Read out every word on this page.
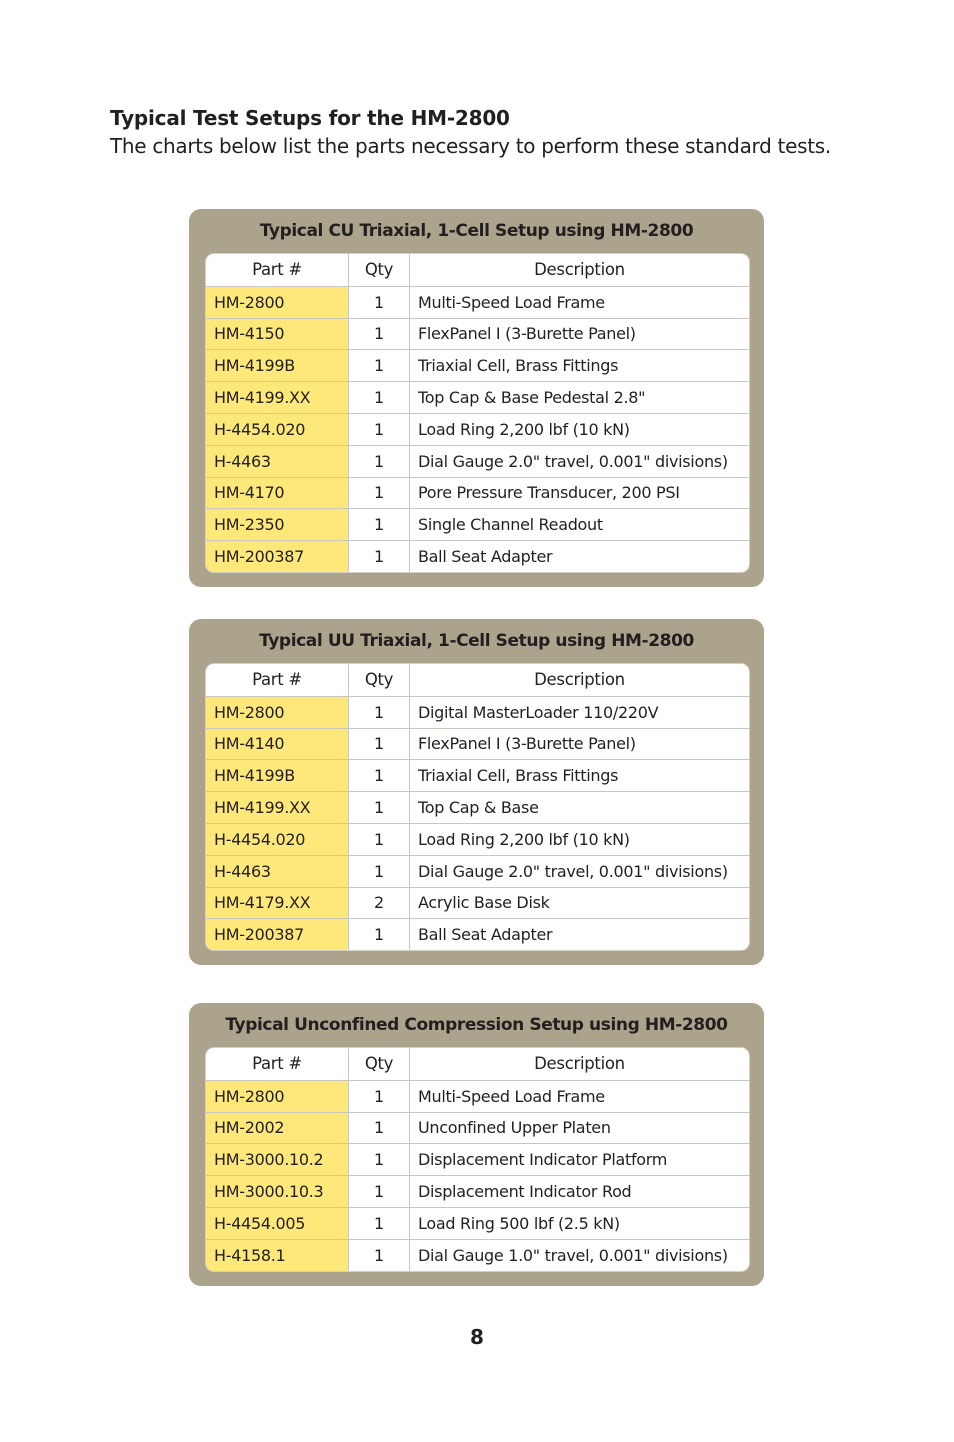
Typical Test Setups for the HM-2800
The charts below list the parts necessary to perform these standard tests.
Typical CU Triaxial, 1-Cell Setup using HM-2800
Part #	Qty	Description
HM-2800	1	Multi-Speed Load Frame
HM-4150	1	FlexPanel I (3-Burette Panel)
HM-4199B	1	Triaxial Cell, Brass Fittings
HM-4199.XX	1	Top Cap & Base Pedestal 2.8"
H-4454.020	1	Load Ring 2,200 lbf (10 kN)
H-4463	1	Dial Gauge 2.0" travel, 0.001" divisions)
HM-4170	1	Pore Pressure Transducer, 200 PSI
HM-2350	1	Single Channel Readout
HM-200387	1	Ball Seat Adapter
Typical UU Triaxial, 1-Cell Setup using HM-2800
Part #	Qty	Description
HM-2800	1	Digital MasterLoader 110/220V
HM-4140	1	FlexPanel I (3-Burette Panel)
HM-4199B	1	Triaxial Cell, Brass Fittings
HM-4199.XX	1	Top Cap & Base
H-4454.020	1	Load Ring 2,200 lbf (10 kN)
H-4463	1	Dial Gauge 2.0" travel, 0.001" divisions)
HM-4179.XX	2	Acrylic Base Disk
HM-200387	1	Ball Seat Adapter
Typical Unconfined Compression Setup using HM-2800
Part #	Qty	Description
HM-2800	1	Multi-Speed Load Frame
HM-2002	1	Unconfined Upper Platen
HM-3000.10.2	1	Displacement Indicator Platform
HM-3000.10.3	1	Displacement Indicator Rod
H-4454.005	1	Load Ring 500 lbf (2.5 kN)
H-4158.1	1	Dial Gauge 1.0" travel, 0.001" divisions)
8
